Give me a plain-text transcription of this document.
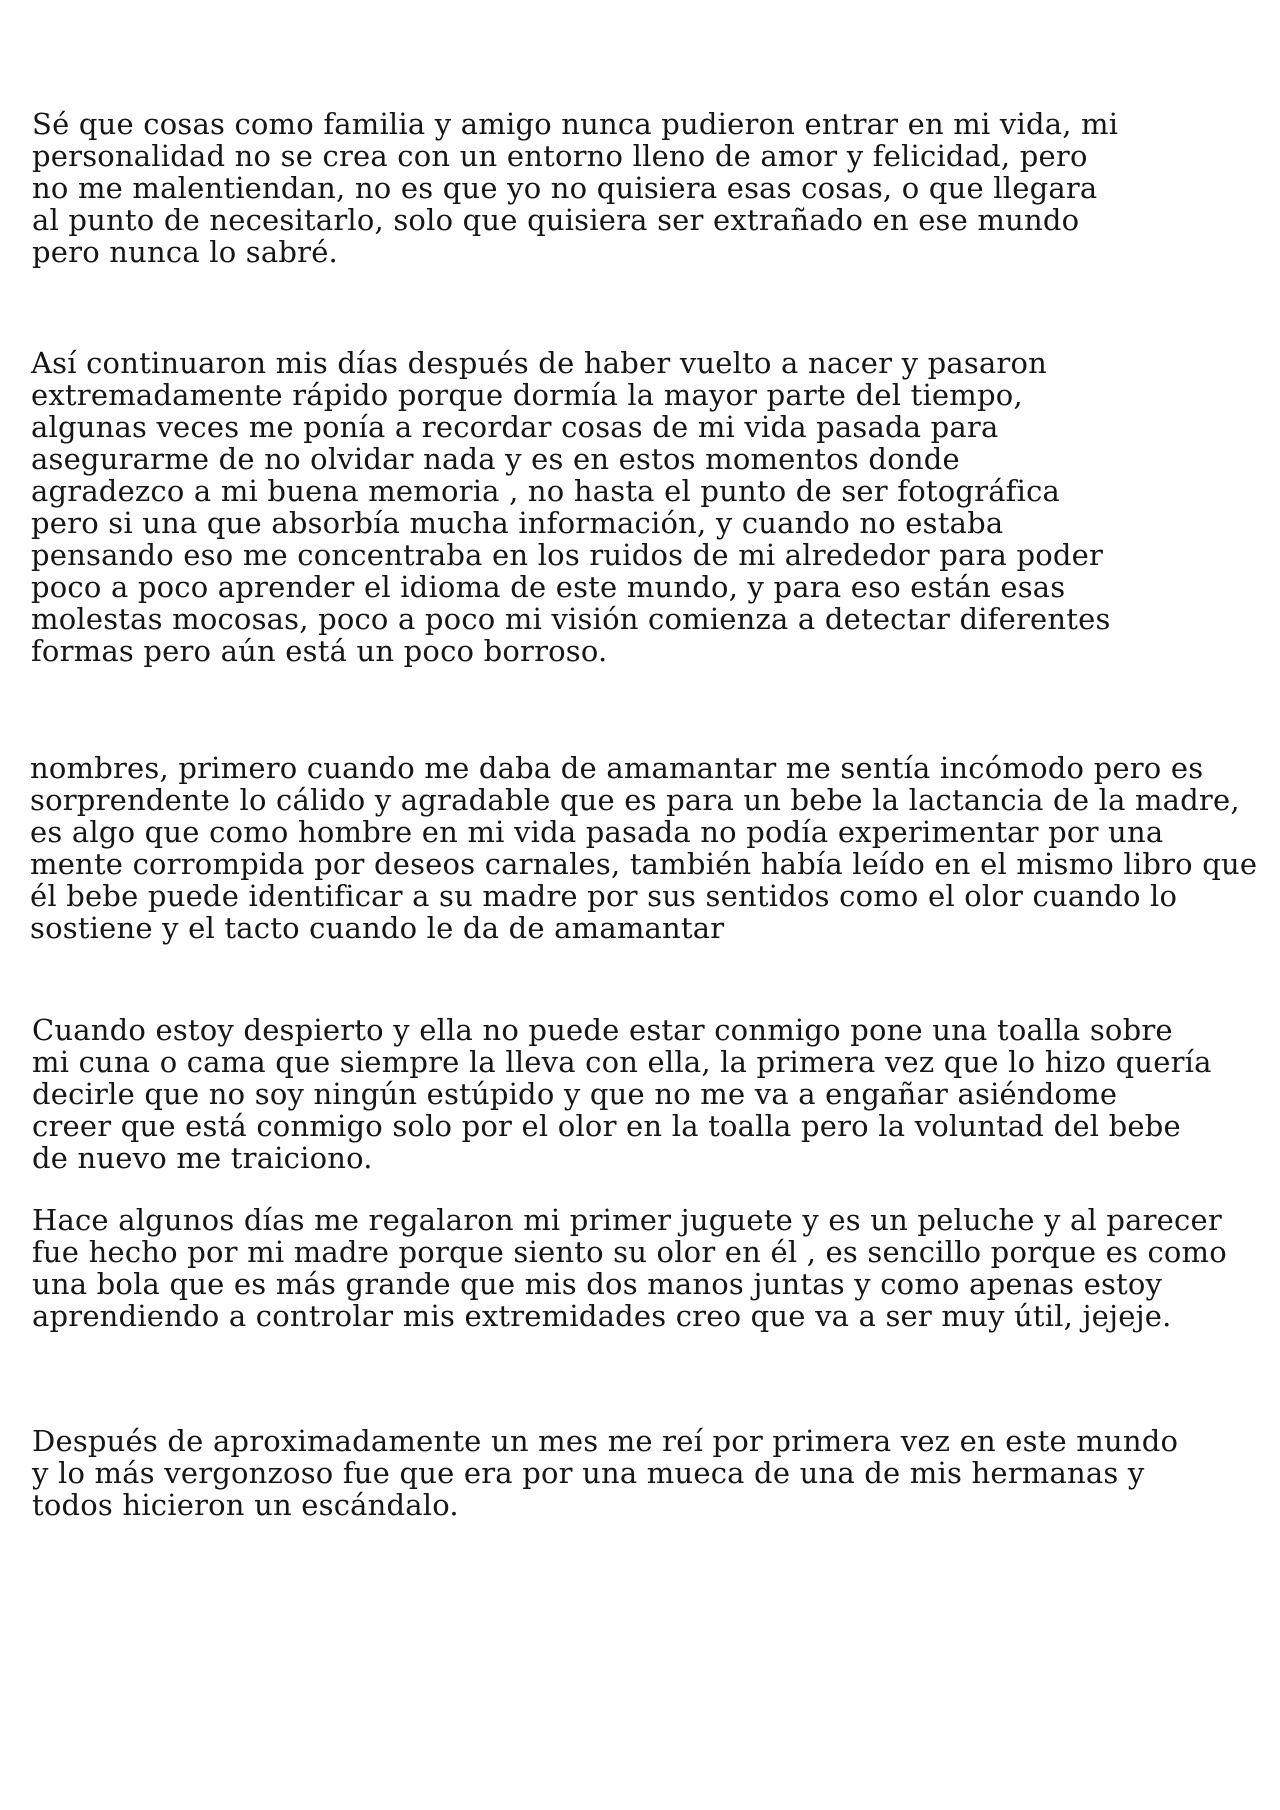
Sé que cosas como familia y amigo nunca pudieron entrar en mi vida, mi
personalidad no se crea con un entorno lleno de amor y felicidad, pero
no me malentiendan, no es que yo no quisiera esas cosas, o que llegara
al punto de necesitarlo, solo que quisiera ser extrañado en ese mundo
pero nunca lo sabré.

Así continuaron mis días después de haber vuelto a nacer y pasaron
extremadamente rápido porque dormía la mayor parte del tiempo,
algunas veces me ponía a recordar cosas de mi vida pasada para
asegurarme de no olvidar nada y es en estos momentos donde
agradezco a mi buena memoria , no hasta el punto de ser fotográfica
pero si una que absorbía mucha información, y cuando no estaba
pensando eso me concentraba en los ruidos de mi alrededor para poder
poco a poco aprender el idioma de este mundo, y para eso están esas
molestas mocosas, poco a poco mi visión comienza a detectar diferentes
formas pero aún está un poco borroso.

nombres, primero cuando me daba de amamantar me sentía incómodo pero es
sorprendente lo cálido y agradable que es para un bebe la lactancia de la madre,
es algo que como hombre en mi vida pasada no podía experimentar por una
mente corrompida por deseos carnales, también había leído en el mismo libro que
él bebe puede identificar a su madre por sus sentidos como el olor cuando lo
sostiene y el tacto cuando le da de amamantar

Cuando estoy despierto y ella no puede estar conmigo pone una toalla sobre
mi cuna o cama que siempre la lleva con ella, la primera vez que lo hizo quería
decirle que no soy ningún estúpido y que no me va a engañar asiéndome
creer que está conmigo solo por el olor en la toalla pero la voluntad del bebe
de nuevo me traiciono.

Hace algunos días me regalaron mi primer juguete y es un peluche y al parecer
fue hecho por mi madre porque siento su olor en él , es sencillo porque es como
una bola que es más grande que mis dos manos juntas y como apenas estoy
aprendiendo a controlar mis extremidades creo que va a ser muy útil, jejeje.

Después de aproximadamente un mes me reí por primera vez en este mundo
y lo más vergonzoso fue que era por una mueca de una de mis hermanas y
todos hicieron un escándalo.
